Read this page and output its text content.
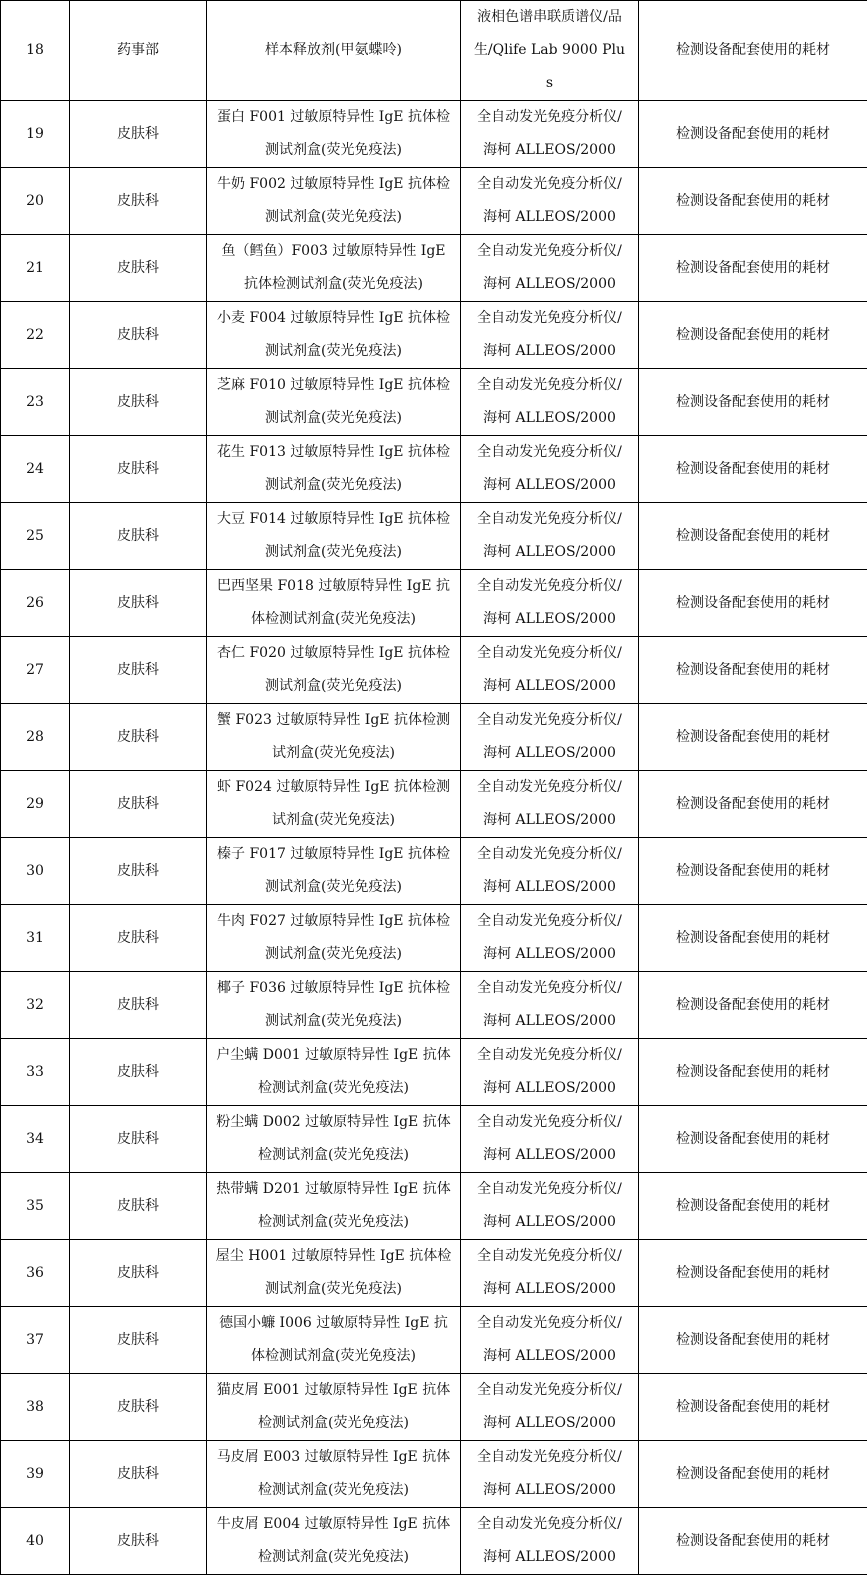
18	药事部	样本释放剂(甲氨蝶呤)	液相色谱串联质谱仪/品生/Qlife Lab 9000 Plus	检测设备配套使用的耗材

19	皮肤科	蛋白 F001 过敏原特异性 IgE 抗体检测试剂盒(荧光免疫法)	全自动发光免疫分析仪/海柯 ALLEOS/2000	检测设备配套使用的耗材

20	皮肤科	牛奶 F002 过敏原特异性 IgE 抗体检测试剂盒(荧光免疫法)	全自动发光免疫分析仪/海柯 ALLEOS/2000	检测设备配套使用的耗材

21	皮肤科	鱼（鳕鱼）F003 过敏原特异性 IgE 抗体检测试剂盒(荧光免疫法)	全自动发光免疫分析仪/海柯 ALLEOS/2000	检测设备配套使用的耗材

22	皮肤科	小麦 F004 过敏原特异性 IgE 抗体检测试剂盒(荧光免疫法)	全自动发光免疫分析仪/海柯 ALLEOS/2000	检测设备配套使用的耗材

23	皮肤科	芝麻 F010 过敏原特异性 IgE 抗体检测试剂盒(荧光免疫法)	全自动发光免疫分析仪/海柯 ALLEOS/2000	检测设备配套使用的耗材

24	皮肤科	花生 F013 过敏原特异性 IgE 抗体检测试剂盒(荧光免疫法)	全自动发光免疫分析仪/海柯 ALLEOS/2000	检测设备配套使用的耗材

25	皮肤科	大豆 F014 过敏原特异性 IgE 抗体检测试剂盒(荧光免疫法)	全自动发光免疫分析仪/海柯 ALLEOS/2000	检测设备配套使用的耗材

26	皮肤科	巴西坚果 F018 过敏原特异性 IgE 抗体检测试剂盒(荧光免疫法)	全自动发光免疫分析仪/海柯 ALLEOS/2000	检测设备配套使用的耗材

27	皮肤科	杏仁 F020 过敏原特异性 IgE 抗体检测试剂盒(荧光免疫法)	全自动发光免疫分析仪/海柯 ALLEOS/2000	检测设备配套使用的耗材

28	皮肤科	蟹 F023 过敏原特异性 IgE 抗体检测试剂盒(荧光免疫法)	全自动发光免疫分析仪/海柯 ALLEOS/2000	检测设备配套使用的耗材

29	皮肤科	虾 F024 过敏原特异性 IgE 抗体检测试剂盒(荧光免疫法)	全自动发光免疫分析仪/海柯 ALLEOS/2000	检测设备配套使用的耗材

30	皮肤科	榛子 F017 过敏原特异性 IgE 抗体检测试剂盒(荧光免疫法)	全自动发光免疫分析仪/海柯 ALLEOS/2000	检测设备配套使用的耗材

31	皮肤科	牛肉 F027 过敏原特异性 IgE 抗体检测试剂盒(荧光免疫法)	全自动发光免疫分析仪/海柯 ALLEOS/2000	检测设备配套使用的耗材

32	皮肤科	椰子 F036 过敏原特异性 IgE 抗体检测试剂盒(荧光免疫法)	全自动发光免疫分析仪/海柯 ALLEOS/2000	检测设备配套使用的耗材

33	皮肤科	户尘螨 D001 过敏原特异性 IgE 抗体检测试剂盒(荧光免疫法)	全自动发光免疫分析仪/海柯 ALLEOS/2000	检测设备配套使用的耗材

34	皮肤科	粉尘螨 D002 过敏原特异性 IgE 抗体检测试剂盒(荧光免疫法)	全自动发光免疫分析仪/海柯 ALLEOS/2000	检测设备配套使用的耗材

35	皮肤科	热带螨 D201 过敏原特异性 IgE 抗体检测试剂盒(荧光免疫法)	全自动发光免疫分析仪/海柯 ALLEOS/2000	检测设备配套使用的耗材

36	皮肤科	屋尘 H001 过敏原特异性 IgE 抗体检测试剂盒(荧光免疫法)	全自动发光免疫分析仪/海柯 ALLEOS/2000	检测设备配套使用的耗材

37	皮肤科	德国小蠊 I006 过敏原特异性 IgE 抗体检测试剂盒(荧光免疫法)	全自动发光免疫分析仪/海柯 ALLEOS/2000	检测设备配套使用的耗材

38	皮肤科	猫皮屑 E001 过敏原特异性 IgE 抗体检测试剂盒(荧光免疫法)	全自动发光免疫分析仪/海柯 ALLEOS/2000	检测设备配套使用的耗材

39	皮肤科	马皮屑 E003 过敏原特异性 IgE 抗体检测试剂盒(荧光免疫法)	全自动发光免疫分析仪/海柯 ALLEOS/2000	检测设备配套使用的耗材

40	皮肤科	牛皮屑 E004 过敏原特异性 IgE 抗体检测试剂盒(荧光免疫法)	全自动发光免疫分析仪/海柯 ALLEOS/2000	检测设备配套使用的耗材
